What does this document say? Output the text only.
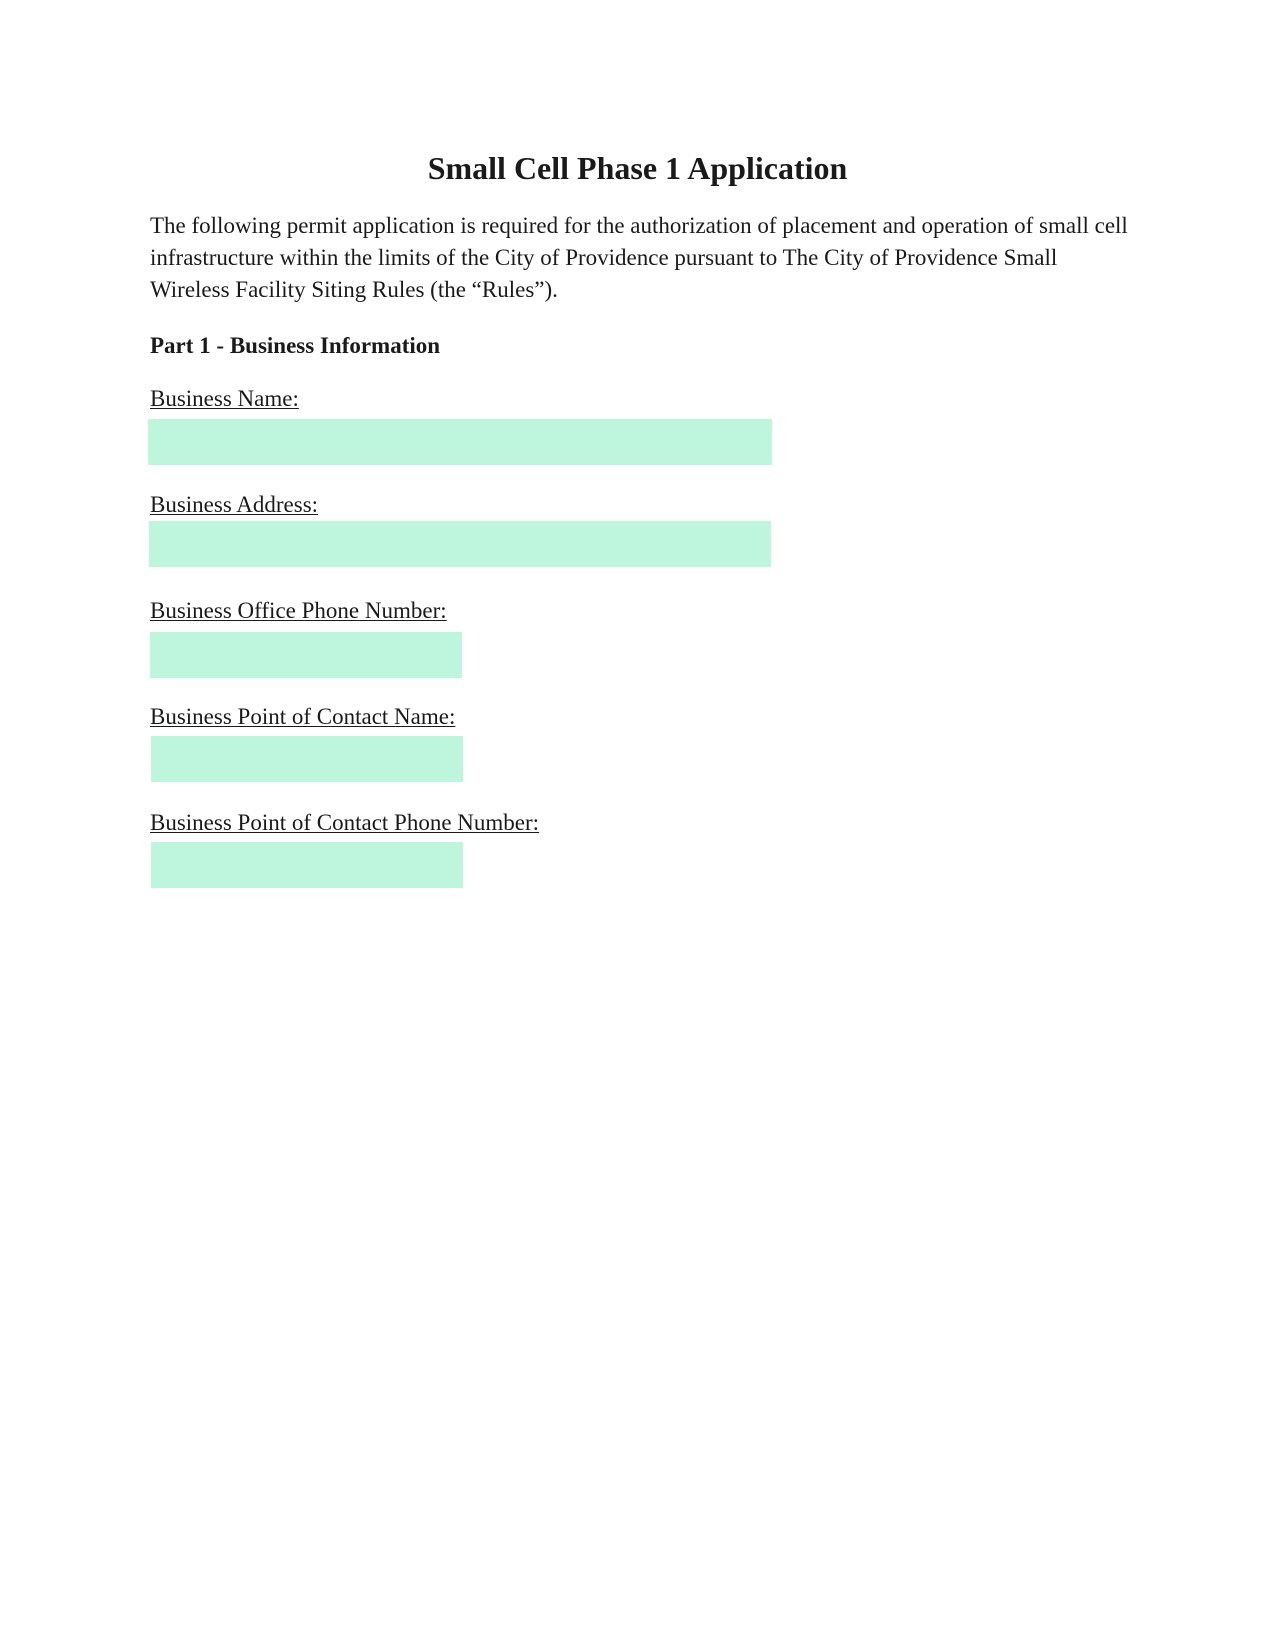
Small Cell Phase 1 Application

The following permit application is required for the authorization of placement and operation of small cell infrastructure within the limits of the City of Providence pursuant to The City of Providence Small Wireless Facility Siting Rules (the “Rules”).

Part 1 - Business Information
Business Name:
Business Address:
Business Office Phone Number:
Business Point of Contact Name:
Business Point of Contact Phone Number:
